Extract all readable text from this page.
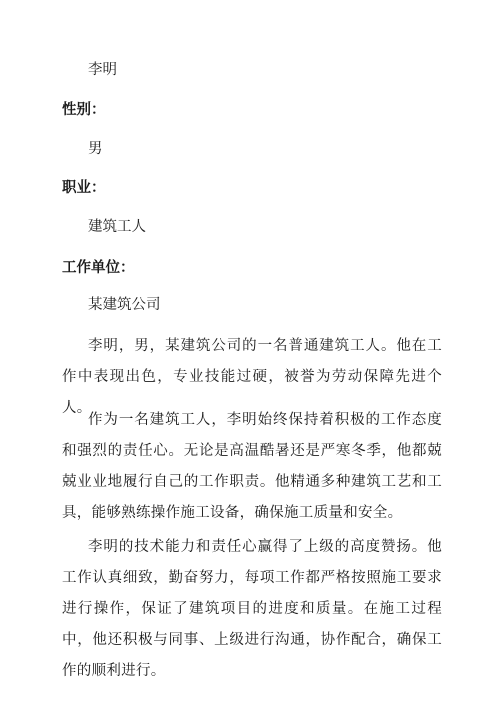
李明
性别：
男
职业：
建筑工人
工作单位：
某建筑公司
李明，男，某建筑公司的一名普通建筑工人。他在工作中表现出色，专业技能过硬，被誉为劳动保障先进个人。
作为一名建筑工人，李明始终保持着积极的工作态度和强烈的责任心。无论是高温酷暑还是严寒冬季，他都兢兢业业地履行自己的工作职责。他精通多种建筑工艺和工具，能够熟练操作施工设备，确保施工质量和安全。
李明的技术能力和责任心赢得了上级的高度赞扬。他工作认真细致，勤奋努力，每项工作都严格按照施工要求进行操作，保证了建筑项目的进度和质量。在施工过程中，他还积极与同事、上级进行沟通，协作配合，确保工作的顺利进行。
